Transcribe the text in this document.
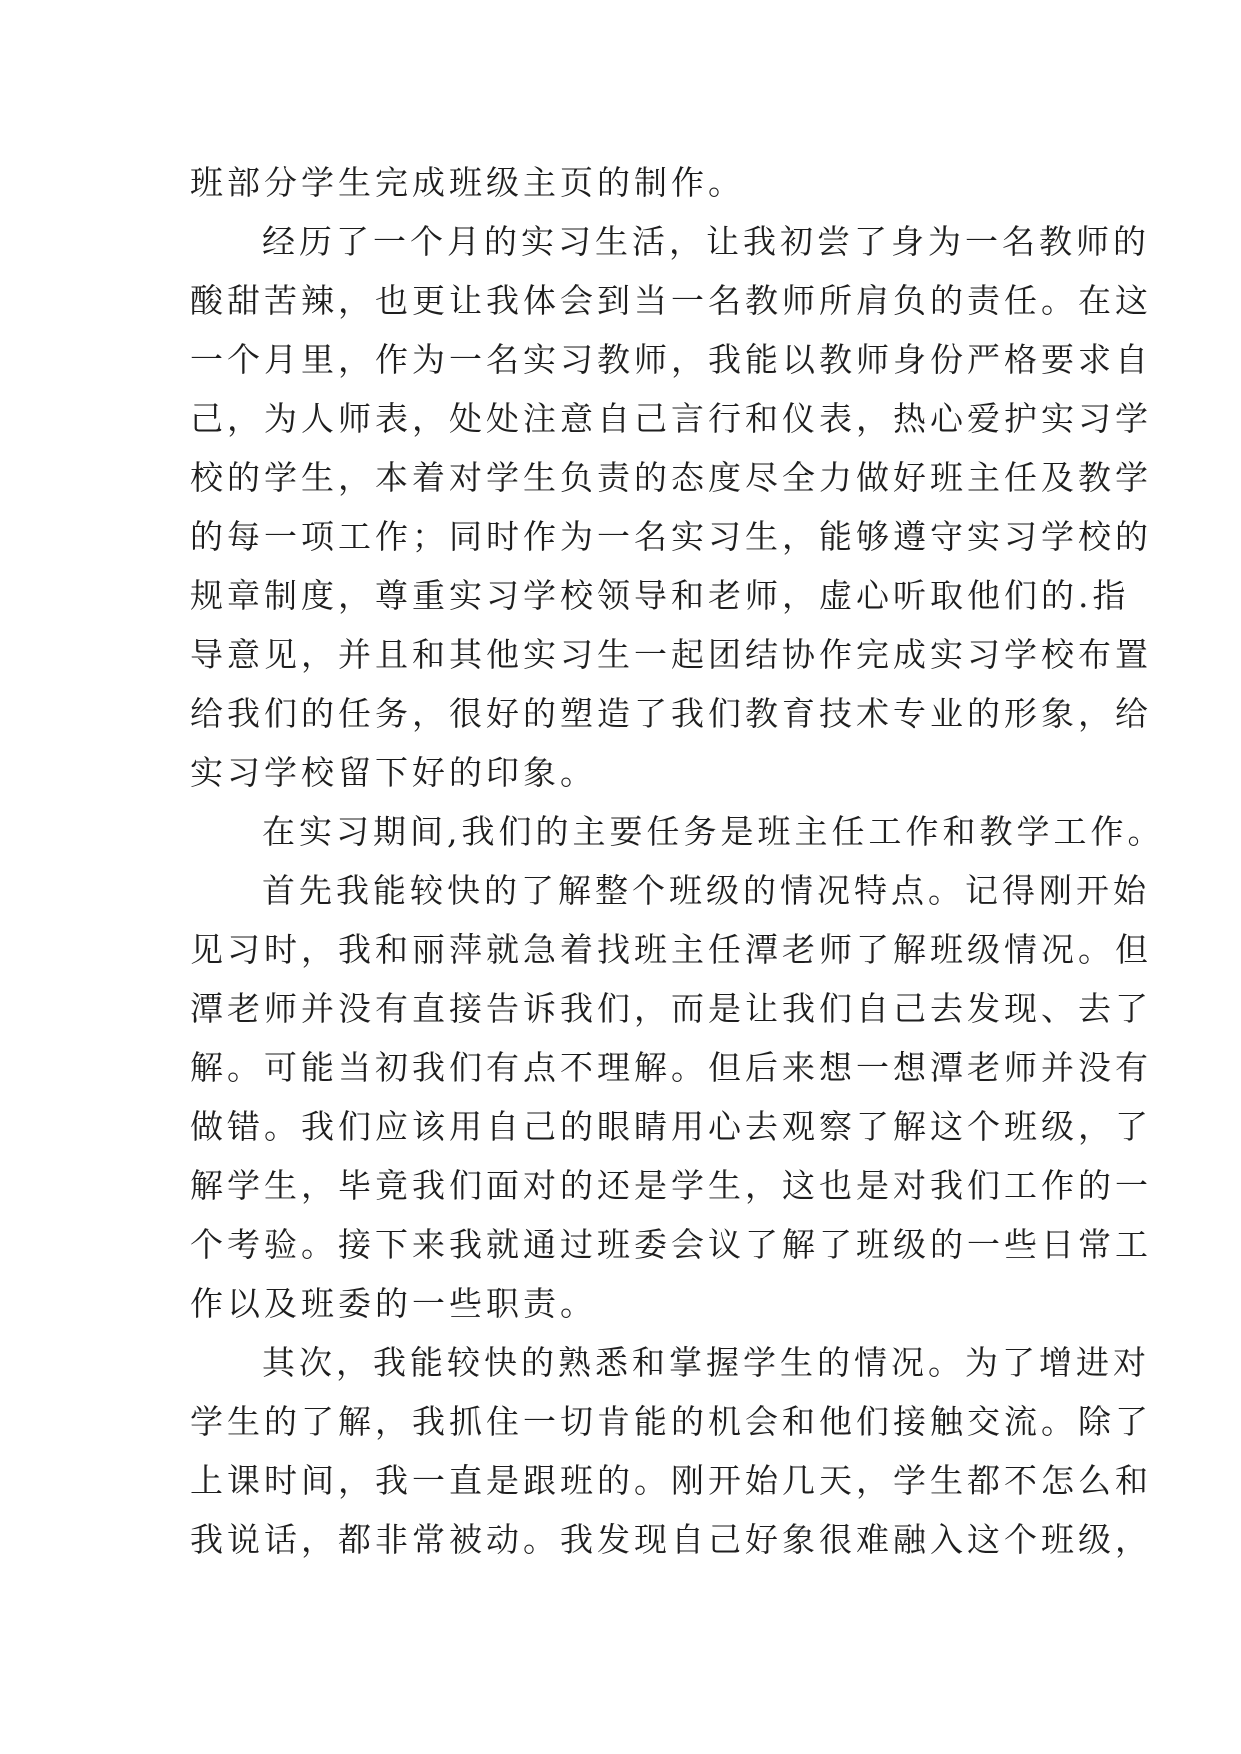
班部分学生完成班级主页的制作。
经历了一个月的实习生活，让我初尝了身为一名教师的
酸甜苦辣，也更让我体会到当一名教师所肩负的责任。在这
一个月里，作为一名实习教师，我能以教师身份严格要求自
己，为人师表，处处注意自己言行和仪表，热心爱护实习学
校的学生，本着对学生负责的态度尽全力做好班主任及教学
的每一项工作；同时作为一名实习生，能够遵守实习学校的
规章制度，尊重实习学校领导和老师，虚心听取他们的.指
导意见，并且和其他实习生一起团结协作完成实习学校布置
给我们的任务，很好的塑造了我们教育技术专业的形象，给
实习学校留下好的印象。
在实习期间,我们的主要任务是班主任工作和教学工作。
首先我能较快的了解整个班级的情况特点。记得刚开始
见习时，我和丽萍就急着找班主任潭老师了解班级情况。但
潭老师并没有直接告诉我们，而是让我们自己去发现、去了
解。可能当初我们有点不理解。但后来想一想潭老师并没有
做错。我们应该用自己的眼睛用心去观察了解这个班级，了
解学生，毕竟我们面对的还是学生，这也是对我们工作的一
个考验。接下来我就通过班委会议了解了班级的一些日常工
作以及班委的一些职责。
其次，我能较快的熟悉和掌握学生的情况。为了增进对
学生的了解，我抓住一切肯能的机会和他们接触交流。除了
上课时间，我一直是跟班的。刚开始几天，学生都不怎么和
我说话，都非常被动。我发现自己好象很难融入这个班级，
